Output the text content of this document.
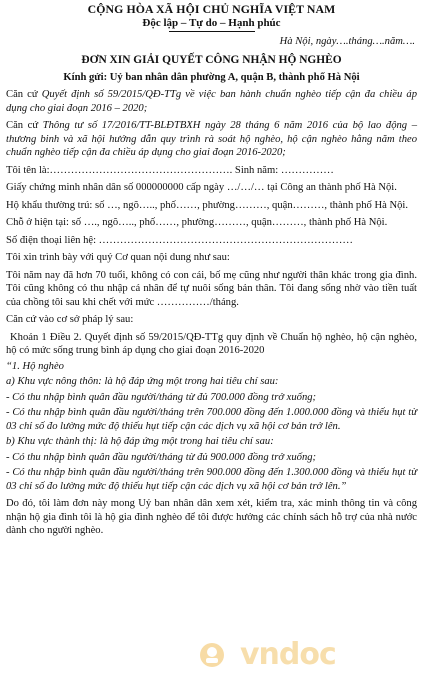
CỘNG HÒA XÃ HỘI CHỦ NGHĨA VIỆT NAM
Độc lập – Tự do – Hạnh phúc
Hà Nội, ngày….tháng….năm….
ĐƠN XIN GIẢI QUYẾT CÔNG NHẬN HỘ NGHÈO
Kính gửi: Uỷ ban nhân dân phường A, quận B, thành phố Hà Nội
Căn cứ Quyết định số 59/2015/QĐ-TTg về việc ban hành chuẩn nghèo tiếp cận đa chiều áp dụng cho giai đoạn 2016 – 2020;
Căn cứ Thông tư số 17/2016/TT-BLĐTBXH ngày 28 tháng 6 năm 2016 của bộ lao động – thương binh và xã hội hướng dẫn quy trình rà soát hộ nghèo, hộ cận nghèo hằng năm theo chuẩn nghèo tiếp cận đa chiều áp dụng cho giai đoạn 2016-2020;
Tôi tên là:……………………………………………. Sinh năm: ……………
Giấy chứng minh nhân dân số 000000000 cấp ngày …/…/… tại Công an thành phố Hà Nội.
Hộ khẩu thường trú: số …, ngõ….., phố……, phường………, quận………, thành phố Hà Nội.
Chỗ ở hiện tại: số …., ngõ….., phố……, phường………, quận………, thành phố Hà Nội.
Số điện thoại liên hệ: ………………………………………………………………
Tôi xin trình bày với quý Cơ quan nội dung như sau:
Tôi năm nay đã hơn 70 tuổi, không có con cái, bố mẹ cũng như người thân khác trong gia đình. Tôi cũng không có thu nhập cá nhân để tự nuôi sống bản thân. Tôi đang sống nhờ vào tiền tuất của chồng tôi sau khi chết với mức ……………/tháng.
Căn cứ vào cơ sở pháp lý sau:
Khoản 1 Điều 2. Quyết định số 59/2015/QĐ-TTg quy định về Chuẩn hộ nghèo, hộ cận nghèo, hộ có mức sống trung bình áp dụng cho giai đoạn 2016-2020
“1. Hộ nghèo
a) Khu vực nông thôn: là hộ đáp ứng một trong hai tiêu chí sau:
- Có thu nhập bình quân đầu người/tháng từ đủ 700.000 đồng trở xuống;
- Có thu nhập bình quân đầu người/tháng trên 700.000 đồng đến 1.000.000 đồng và thiếu hụt từ 03 chỉ số đo lường mức độ thiếu hụt tiếp cận các dịch vụ xã hội cơ bản trở lên.
b) Khu vực thành thị: là hộ đáp ứng một trong hai tiêu chí sau:
- Có thu nhập bình quân đầu người/tháng từ đủ 900.000 đồng trở xuống;
- Có thu nhập bình quân đầu người/tháng trên 900.000 đồng đến 1.300.000 đồng và thiếu hụt từ 03 chỉ số đo lường mức độ thiếu hụt tiếp cận các dịch vụ xã hội cơ bản trở lên.”
Do đó, tôi làm đơn này mong Uỷ ban nhân dân xem xét, kiểm tra, xác minh thông tin và công nhận hộ gia đình tôi là hộ gia đình nghèo để tôi được hưởng các chính sách hỗ trợ của nhà nước dành cho người nghèo.
vndoc
